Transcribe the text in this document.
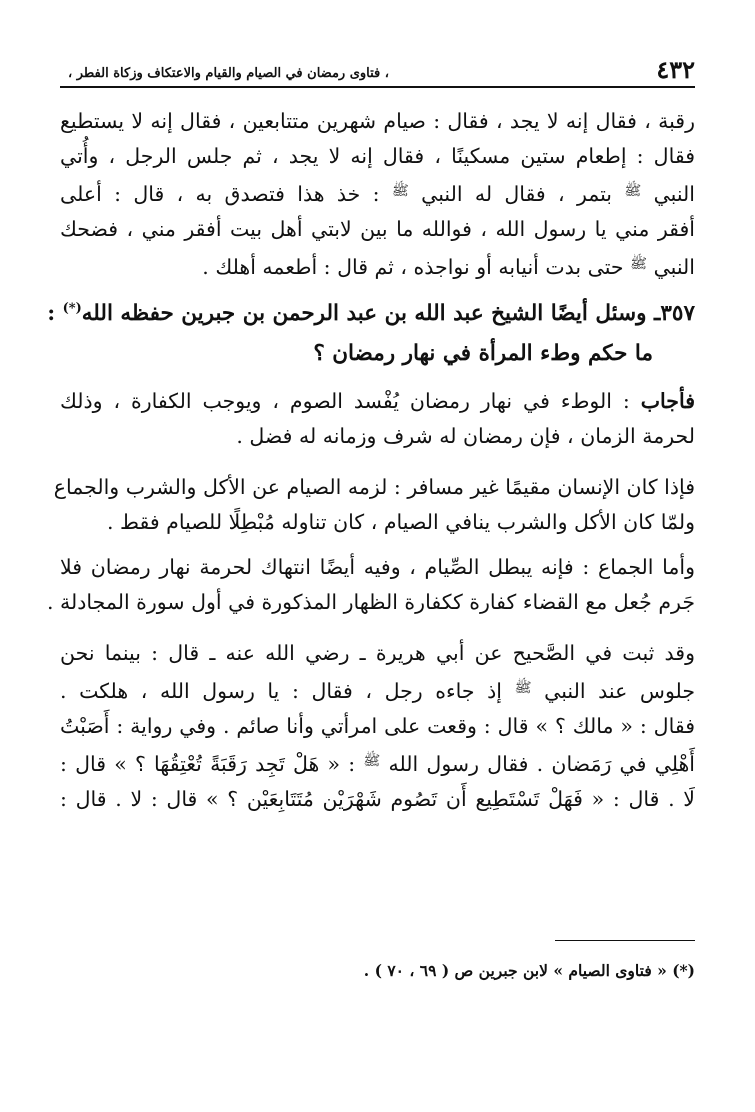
٤٣٢
، فتاوى رمضان في الصيام والقيام والاعتكاف وزكاة الفطر ،
رقبة ، فقال إنه لا يجد ، فقال : صيام شهرين متتابعين ، فقال إنه لا يستطيع
فقال : إطعام ستين مسكينًا ، فقال إنه لا يجد ، ثم جلس الرجل ، وأُتي
النبي $^ﷺ$ بتمر ، فقال له النبي $^ﷺ$ : خذ هذا فتصدق به ، قال : أعلى
أفقر مني يا رسول الله ، فوالله ما بين لابتي أهل بيت أفقر مني ، فضحك
النبي $^ﷺ$ حتى بدت أنيابه أو نواجذه ، ثم قال : أطعمه أهلك .
٣٥٧ـ وسئل أيضًا الشيخ عبد الله بن عبد الرحمن بن جبرين حفظه الله(*) :
ما حكم وطء المرأة في نهار رمضان ؟
فأجاب : الوطء في نهار رمضان يُفْسد الصوم ، ويوجب الكفارة ، وذلك
لحرمة الزمان ، فإن رمضان له شرف وزمانه له فضل .
فإذا كان الإنسان مقيمًا غير مسافر : لزمه الصيام عن الأكل والشرب والجماع
ولمّا كان الأكل والشرب ينافي الصيام ، كان تناوله مُبْطِلًا للصيام فقط .
وأما الجماع : فإنه يبطل الصِّيام ، وفيه أيضًا انتهاك لحرمة نهار رمضان فلا
جَرم جُعل مع القضاء كفارة ككفارة الظهار المذكورة في أول سورة المجادلة .
وقد ثبت في الصَّحيح عن أبي هريرة ـ رضي الله عنه ـ قال : بينما نحن
جلوس عند النبي $^ﷺ$ إذ جاءه رجل ، فقال : يا رسول الله ، هلكت .
فقال : « مالك ؟ » قال : وقعت على امرأتي وأنا صائم . وفي رواية : أَصَبْتُ
أَهْلِي في رَمَضان . فقال رسول الله $^ﷺ$ : « هَلْ تَجِد رَقَبَةً تُعْتِقُهَا ؟ » قال :
لَا . قال : « فَهَلْ تَسْتَطِيع أَن تَصُوم شَهْرَيْن مُتَتَابِعَيْن ؟ » قال : لا . قال :
(*) « فتاوى الصيام » لابن جبرين ص ( ٦٩ ، ٧٠ ) .
